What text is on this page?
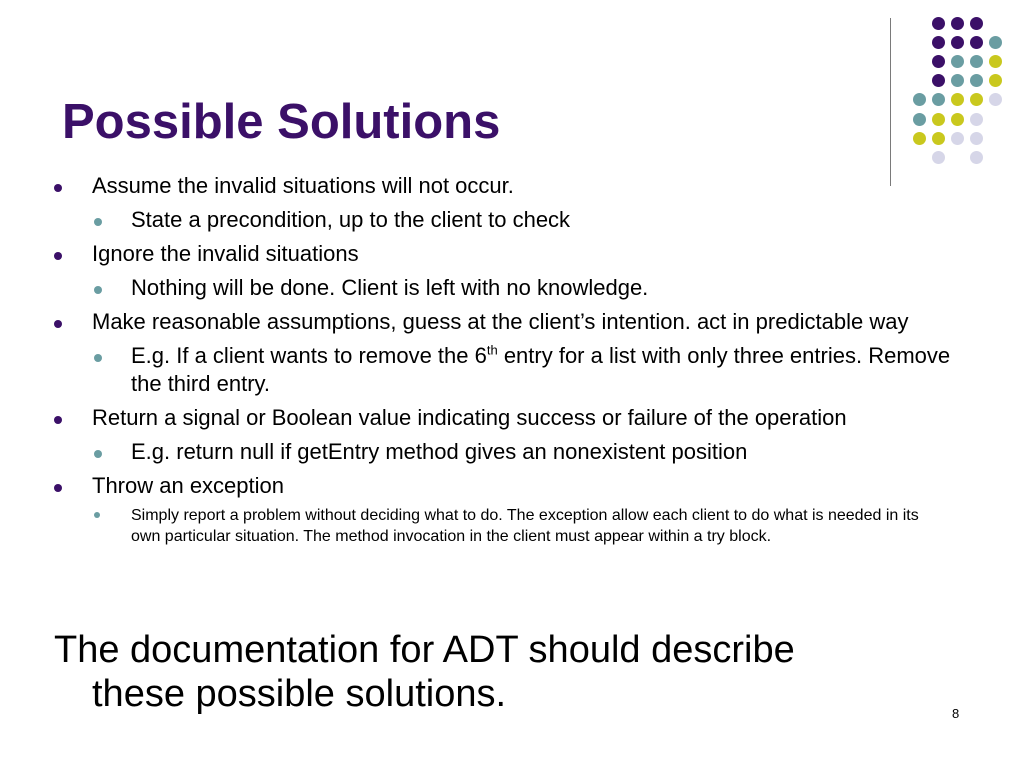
Possible Solutions
Assume the invalid situations will not occur.
State a precondition, up to the client to check
Ignore the invalid situations
Nothing will be done. Client is left with no knowledge.
Make reasonable assumptions, guess at the client’s intention. act in predictable way
E.g. If a client wants to remove the 6th entry for a list with only three entries. Remove the third entry.
Return a signal or Boolean value indicating success or failure of the operation
E.g. return null if getEntry method gives an nonexistent position
Throw an exception
Simply report a problem without deciding what to do. The exception allow each client to do what is needed in its own particular situation. The method invocation in the client must appear within a try block.

The documentation for ADT should describe
these possible solutions.	8
